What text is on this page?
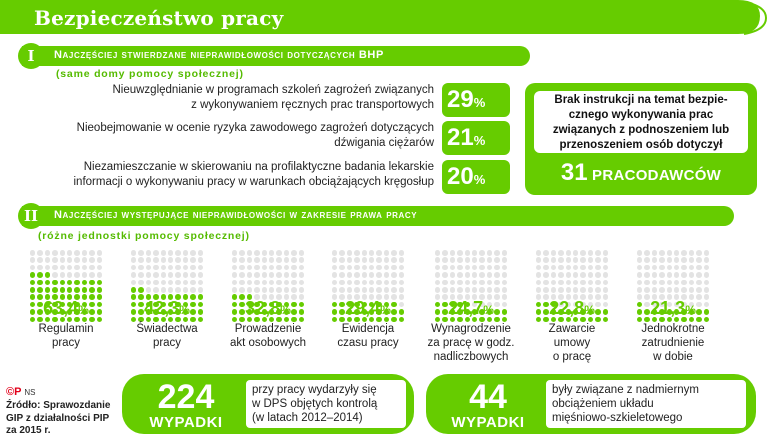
Bezpieczeństwo pracy
I	Najczęściej stwierdzane nieprawidłowości dotyczących BHP
(same domy pomocy społecznej)
Nieuwzględnianie w programach szkoleń zagrożeń związanych
z wykonywaniem ręcznych prac transportowych 29%
Nieobejmowanie w ocenie ryzyka zawodowego zagrożeń dotyczących
dźwigania ciężarów 21%
Niezamieszczanie w skierowaniu na profilaktyczne badania lekarskie
informacji o wykonywaniu pracy w warunkach obciążających kręgosłup 20%
Brak instrukcji na temat bezpie-
cznego wykonywania prac
związanych z podnoszeniem lub
przenoszeniem osób dotyczył
31 PRACODAWCÓW
II	Najczęściej występujące nieprawidłowości w zakresie prawa pracy
(różne jednostki pomocy społecznej)
63,4%
Regulamin
pracy
42,3%
Świadectwa
pracy
32,8%
Prowadzenie
akt osobowych
29,4%
Ewidencja
czasu pracy
24,7%
Wynagrodzenie
za pracę w godz.
nadliczbowych
22,8%
Zawarcie
umowy
o pracę
21,3%
Jednokrotne
zatrudnienie
w dobie
©P NS
Źródło: Sprawozdanie
GIP z działalności PIP
za 2015 r.
224
WYPADKI
przy pracy wydarzyły się
w DPS objętych kontrolą
(w latach 2012–2014)
44
WYPADKI
były związane z nadmiernym
obciążeniem układu
mięśniowo-szkieletowego
